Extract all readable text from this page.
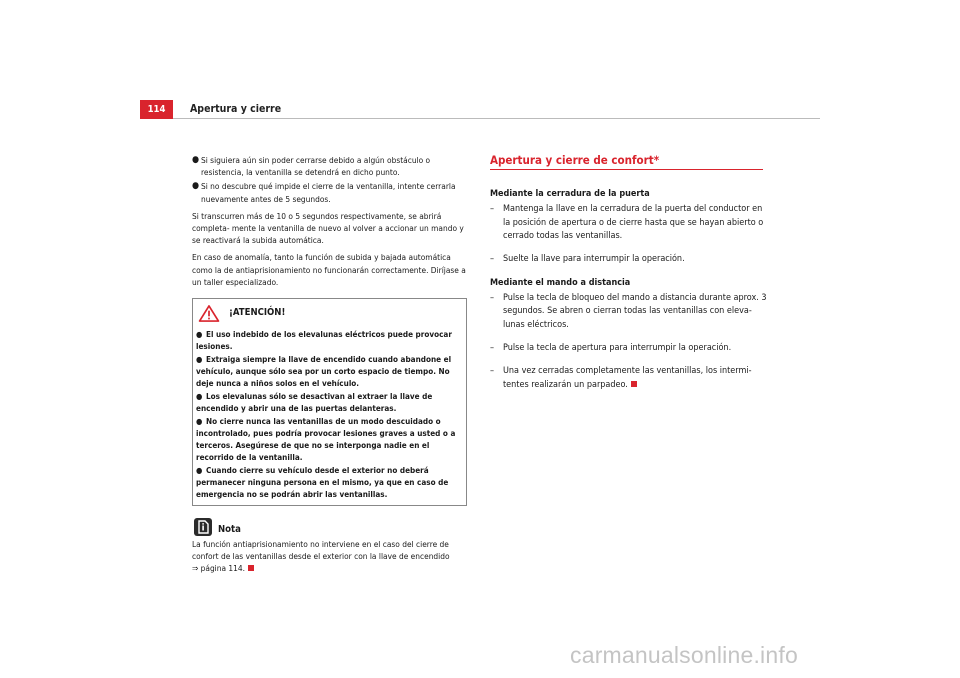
114	Apertura y cierre
● Si siguiera aún sin poder cerrarse debido a algún obstáculo o resistencia, la ventanilla se detendrá en dicho punto.
● Si no descubre qué impide el cierre de la ventanilla, intente cerrarla nuevamente antes de 5 segundos.

Si transcurren más de 10 o 5 segundos respectivamente, se abrirá completa- mente la ventanilla de nuevo al volver a accionar un mando y se reactivará la subida automática.

En caso de anomalía, tanto la función de subida y bajada automática como la de antiaprisionamiento no funcionarán correctamente. Diríjase a un taller especializado.

¡ATENCIÓN!
● El uso indebido de los elevalunas eléctricos puede provocar lesiones.
● Extraiga siempre la llave de encendido cuando abandone el vehículo, aunque sólo sea por un corto espacio de tiempo. No deje nunca a niños solos en el vehículo.
● Los elevalunas sólo se desactivan al extraer la llave de encendido y abrir una de las puertas delanteras.
● No cierre nunca las ventanillas de un modo descuidado o incontrolado, pues podría provocar lesiones graves a usted o a terceros. Asegúrese de que no se interponga nadie en el recorrido de la ventanilla.
● Cuando cierre su vehículo desde el exterior no deberá permanecer ninguna persona en el mismo, ya que en caso de emergencia no se podrán abrir las ventanillas.
Nota

La función antiaprisionamiento no interviene en el caso del cierre de confort de las ventanillas desde el exterior con la llave de encendido
⇒ página 114.

Apertura y cierre de confort*
Mediante la cerradura de la puerta
– Mantenga la llave en la cerradura de la puerta del conductor en la posición de apertura o de cierre hasta que se hayan abierto o cerrado todas las ventanillas.
– Suelte la llave para interrumpir la operación.
Mediante el mando a distancia
– Pulse la tecla de bloqueo del mando a distancia durante aprox. 3 segundos. Se abren o cierran todas las ventanillas con eleva- lunas eléctricos.
– Pulse la tecla de apertura para interrumpir la operación.
– Una vez cerradas completamente las ventanillas, los intermi- tentes realizarán un parpadeo.
carmanualsonline.info
